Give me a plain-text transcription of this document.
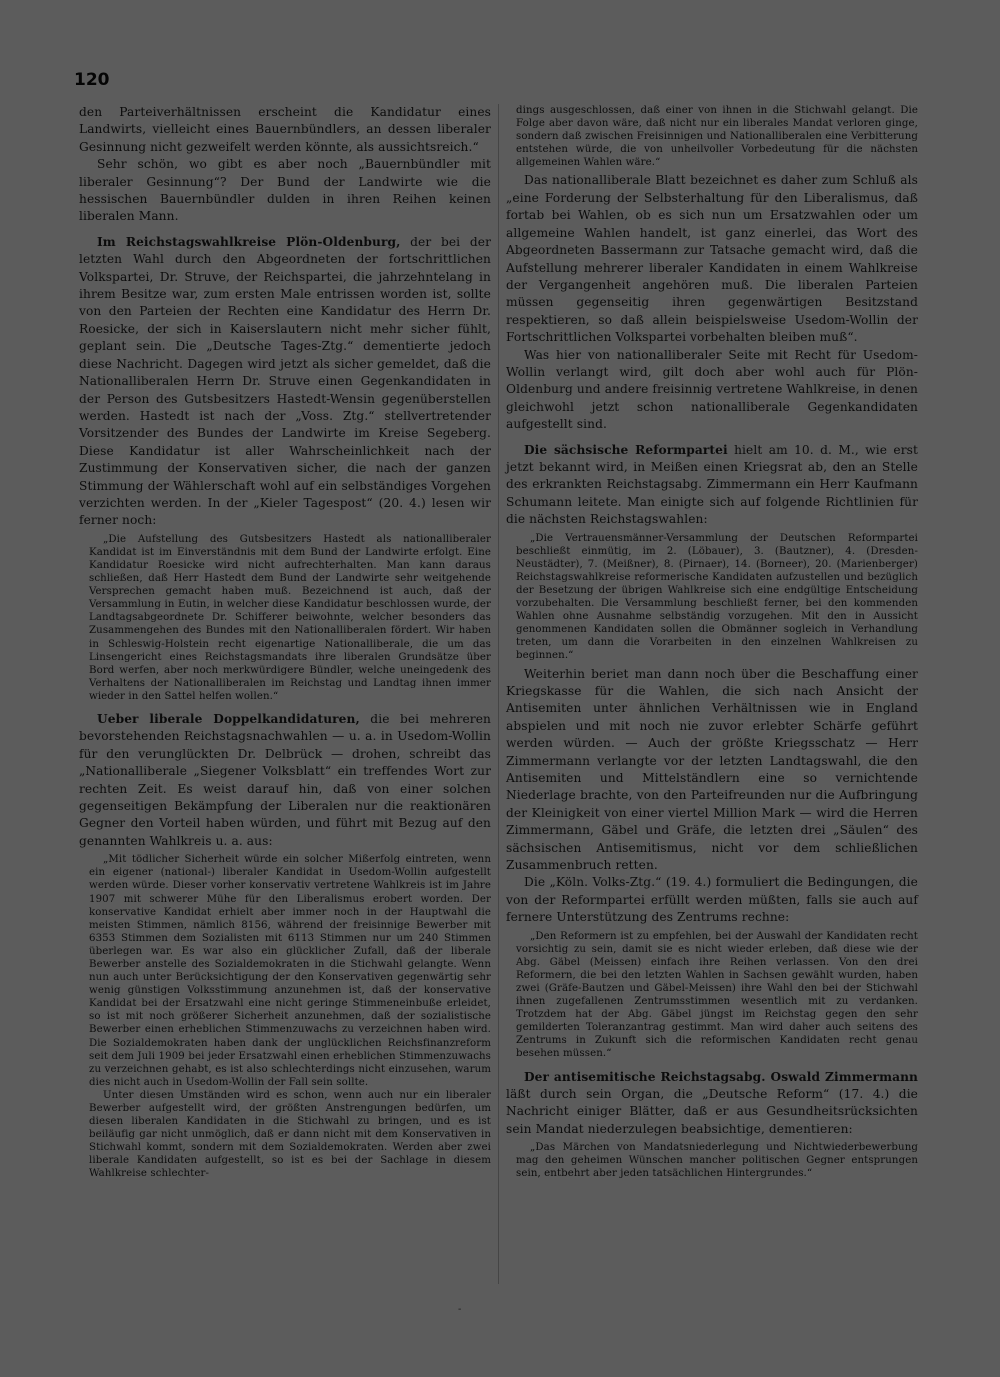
120

den Parteiverhältnissen erscheint die Kandidatur eines Landwirts, vielleicht eines Bauernbündlers, an dessen liberaler Gesinnung nicht gezweifelt werden könnte, als aussichtsreich.“

Sehr schön, wo gibt es aber noch „Bauernbündler mit liberaler Gesinnung“? Der Bund der Landwirte wie die hessischen Bauernbündler dulden in ihren Reihen keinen liberalen Mann.

Im Reichstagswahlkreise Plön-Oldenburg, der bei der letzten Wahl durch den Abgeordneten der fortschrittlichen Volkspartei, Dr. Struve, der Reichspartei, die jahrzehntelang in ihrem Besitze war, zum ersten Male entrissen worden ist, sollte von den Parteien der Rechten eine Kandidatur des Herrn Dr. Roesicke, der sich in Kaiserslautern nicht mehr sicher fühlt, geplant sein. Die „Deutsche Tages-Ztg.“ dementierte jedoch diese Nachricht. Dagegen wird jetzt als sicher gemeldet, daß die Nationalliberalen Herrn Dr. Struve einen Gegenkandidaten in der Person des Gutsbesitzers Hastedt-Wensin gegenüberstellen werden. Hastedt ist nach der „Voss. Ztg.“ stellvertretender Vorsitzender des Bundes der Landwirte im Kreise Segeberg. Diese Kandidatur ist aller Wahrscheinlichkeit nach der Zustimmung der Konservativen sicher, die nach der ganzen Stimmung der Wählerschaft wohl auf ein selbständiges Vorgehen verzichten werden. In der „Kieler Tagespost“ (20. 4.) lesen wir ferner noch:

„Die Aufstellung des Gutsbesitzers Hastedt als nationalliberaler Kandidat ist im Einverständnis mit dem Bund der Landwirte erfolgt. Eine Kandidatur Roesicke wird nicht aufrechterhalten. Man kann daraus schließen, daß Herr Hastedt dem Bund der Landwirte sehr weitgehende Versprechen gemacht haben muß. Bezeichnend ist auch, daß der Versammlung in Eutin, in welcher diese Kandidatur beschlossen wurde, der Landtagsabgeordnete Dr. Schifferer beiwohnte, welcher besonders das Zusammengehen des Bundes mit den Nationalliberalen fördert. Wir haben in Schleswig-Holstein recht eigenartige Nationalliberale, die um das Linsengericht eines Reichstagsmandats ihre liberalen Grundsätze über Bord werfen, aber noch merkwürdigere Bündler, welche uneingedenk des Verhaltens der Nationalliberalen im Reichstag und Landtag ihnen immer wieder in den Sattel helfen wollen.“

Ueber liberale Doppelkandidaturen, die bei mehreren bevorstehenden Reichstagsnachwahlen — u. a. in Usedom-Wollin für den verunglückten Dr. Delbrück — drohen, schreibt das „Nationalliberale „Siegener Volksblatt“ ein treffendes Wort zur rechten Zeit. Es weist darauf hin, daß von einer solchen gegenseitigen Bekämpfung der Liberalen nur die reaktionären Gegner den Vorteil haben würden, und führt mit Bezug auf den genannten Wahlkreis u. a. aus:

„Mit tödlicher Sicherheit würde ein solcher Mißerfolg eintreten, wenn ein eigener (national-) liberaler Kandidat in Usedom-Wollin aufgestellt werden würde. Dieser vorher konservativ vertretene Wahlkreis ist im Jahre 1907 mit schwerer Mühe für den Liberalismus erobert worden. Der konservative Kandidat erhielt aber immer noch in der Hauptwahl die meisten Stimmen, nämlich 8156, während der freisinnige Bewerber mit 6353 Stimmen dem Sozialisten mit 6113 Stimmen nur um 240 Stimmen überlegen war. Es war also ein glücklicher Zufall, daß der liberale Bewerber anstelle des Sozialdemokraten in die Stichwahl gelangte. Wenn nun auch unter Berücksichtigung der den Konservativen gegenwärtig sehr wenig günstigen Volksstimmung anzunehmen ist, daß der konservative Kandidat bei der Ersatzwahl eine nicht geringe Stimmeneinbuße erleidet, so ist mit noch größerer Sicherheit anzunehmen, daß der sozialistische Bewerber einen erheblichen Stimmenzuwachs zu verzeichnen haben wird. Die Sozialdemokraten haben dank der unglücklichen Reichsfinanzreform seit dem Juli 1909 bei jeder Ersatzwahl einen erheblichen Stimmenzuwachs zu verzeichnen gehabt, es ist also schlechterdings nicht einzusehen, warum dies nicht auch in Usedom-Wollin der Fall sein sollte.

Unter diesen Umständen wird es schon, wenn auch nur ein liberaler Bewerber aufgestellt wird, der größten Anstrengungen bedürfen, um diesen liberalen Kandidaten in die Stichwahl zu bringen, und es ist beiläufig gar nicht unmöglich, daß er dann nicht mit dem Konservativen in Stichwahl kommt, sondern mit dem Sozialdemokraten. Werden aber zwei liberale Kandidaten aufgestellt, so ist es bei der Sachlage in diesem Wahlkreise schlechter-

dings ausgeschlossen, daß einer von ihnen in die Stichwahl gelangt. Die Folge aber davon wäre, daß nicht nur ein liberales Mandat verloren ginge, sondern daß zwischen Freisinnigen und Nationalliberalen eine Verbitterung entstehen würde, die von unheilvoller Vorbedeutung für die nächsten allgemeinen Wahlen wäre.“

Das nationalliberale Blatt bezeichnet es daher zum Schluß als „eine Forderung der Selbsterhaltung für den Liberalismus, daß fortab bei Wahlen, ob es sich nun um Ersatzwahlen oder um allgemeine Wahlen handelt, ist ganz einerlei, das Wort des Abgeordneten Bassermann zur Tatsache gemacht wird, daß die Aufstellung mehrerer liberaler Kandidaten in einem Wahlkreise der Vergangenheit angehören muß. Die liberalen Parteien müssen gegenseitig ihren gegenwärtigen Besitzstand respektieren, so daß allein beispielsweise Usedom-Wollin der Fortschrittlichen Volkspartei vorbehalten bleiben muß“.

Was hier von nationalliberaler Seite mit Recht für Usedom-Wollin verlangt wird, gilt doch aber wohl auch für Plön-Oldenburg und andere freisinnig vertretene Wahlkreise, in denen gleichwohl jetzt schon nationalliberale Gegenkandidaten aufgestellt sind.

Die sächsische Reformpartei hielt am 10. d. M., wie erst jetzt bekannt wird, in Meißen einen Kriegsrat ab, den an Stelle des erkrankten Reichstagsabg. Zimmermann ein Herr Kaufmann Schumann leitete. Man einigte sich auf folgende Richtlinien für die nächsten Reichstagswahlen:

„Die Vertrauensmänner-Versammlung der Deutschen Reformpartei beschließt einmütig, im 2. (Löbauer), 3. (Bautzner), 4. (Dresden-Neustädter), 7. (Meißner), 8. (Pirnaer), 14. (Borneer), 20. (Marienberger) Reichstagswahlkreise reformerische Kandidaten aufzustellen und bezüglich der Besetzung der übrigen Wahlkreise sich eine endgültige Entscheidung vorzubehalten. Die Versammlung beschließt ferner, bei den kommenden Wahlen ohne Ausnahme selbständig vorzugehen. Mit den in Aussicht genommenen Kandidaten sollen die Obmänner sogleich in Verhandlung treten, um dann die Vorarbeiten in den einzelnen Wahlkreisen zu beginnen.“

Weiterhin beriet man dann noch über die Beschaffung einer Kriegskasse für die Wahlen, die sich nach Ansicht der Antisemiten unter ähnlichen Verhältnissen wie in England abspielen und mit noch nie zuvor erlebter Schärfe geführt werden würden. — Auch der größte Kriegsschatz — Herr Zimmermann verlangte vor der letzten Landtagswahl, die den Antisemiten und Mittelständlern eine so vernichtende Niederlage brachte, von den Parteifreunden nur die Aufbringung der Kleinigkeit von einer viertel Million Mark — wird die Herren Zimmermann, Gäbel und Gräfe, die letzten drei „Säulen“ des sächsischen Antisemitismus, nicht vor dem schließlichen Zusammenbruch retten.

Die „Köln. Volks-Ztg.“ (19. 4.) formuliert die Bedingungen, die von der Reformpartei erfüllt werden müßten, falls sie auch auf fernere Unterstützung des Zentrums rechne:

„Den Reformern ist zu empfehlen, bei der Auswahl der Kandidaten recht vorsichtig zu sein, damit sie es nicht wieder erleben, daß diese wie der Abg. Gäbel (Meissen) einfach ihre Reihen verlassen. Von den drei Reformern, die bei den letzten Wahlen in Sachsen gewählt wurden, haben zwei (Gräfe-Bautzen und Gäbel-Meissen) ihre Wahl den bei der Stichwahl ihnen zugefallenen Zentrumsstimmen wesentlich mit zu verdanken. Trotzdem hat der Abg. Gäbel jüngst im Reichstag gegen den sehr gemilderten Toleranzantrag gestimmt. Man wird daher auch seitens des Zentrums in Zukunft sich die reformischen Kandidaten recht genau besehen müssen.“

Der antisemitische Reichstagsabg. Oswald Zimmermann läßt durch sein Organ, die „Deutsche Reform“ (17. 4.) die Nachricht einiger Blätter, daß er aus Gesundheitsrücksichten sein Mandat niederzulegen beabsichtige, dementieren:

„Das Märchen von Mandatsniederlegung und Nichtwiederbewerbung mag den geheimen Wünschen mancher politischen Gegner entsprungen sein, entbehrt aber jeden tatsächlichen Hintergrundes.“

-
